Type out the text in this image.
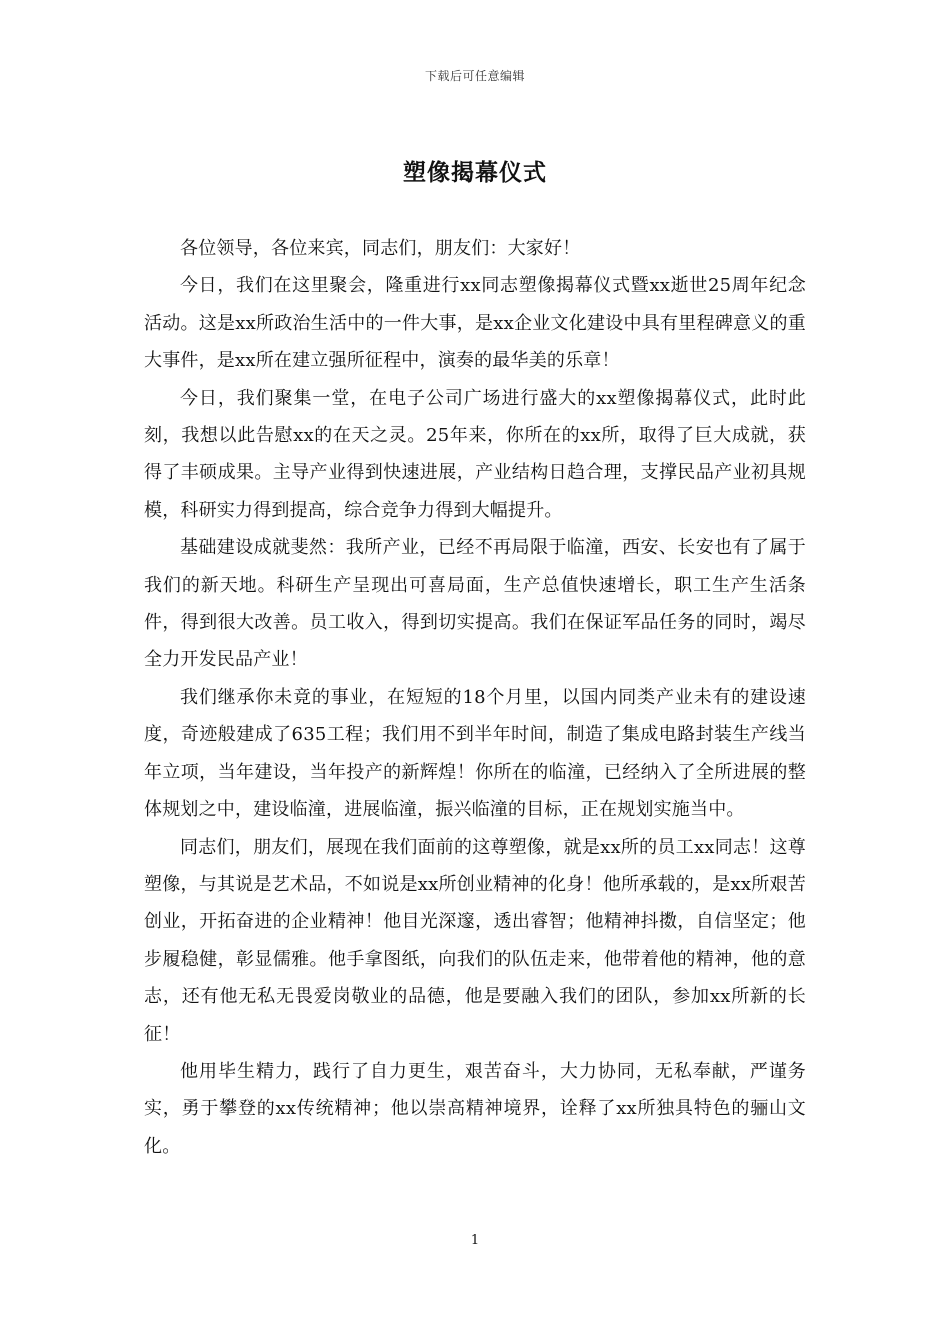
下载后可任意编辑
塑像揭幕仪式

各位领导，各位来宾，同志们，朋友们：大家好！

今日，我们在这里聚会，隆重进行xx同志塑像揭幕仪式暨xx逝世25周年纪念活动。这是xx所政治生活中的一件大事，是xx企业文化建设中具有里程碑意义的重大事件，是xx所在建立强所征程中，演奏的最华美的乐章！

今日，我们聚集一堂，在电子公司广场进行盛大的xx塑像揭幕仪式，此时此刻，我想以此告慰xx的在天之灵。25年来，你所在的xx所，取得了巨大成就，获得了丰硕成果。主导产业得到快速进展，产业结构日趋合理，支撑民品产业初具规模，科研实力得到提高，综合竞争力得到大幅提升。

基础建设成就斐然：我所产业，已经不再局限于临潼，西安、长安也有了属于我们的新天地。科研生产呈现出可喜局面，生产总值快速增长，职工生产生活条件，得到很大改善。员工收入，得到切实提高。我们在保证军品任务的同时，竭尽全力开发民品产业！

我们继承你未竟的事业，在短短的18个月里，以国内同类产业未有的建设速度，奇迹般建成了635工程；我们用不到半年时间，制造了集成电路封装生产线当年立项，当年建设，当年投产的新辉煌！你所在的临潼，已经纳入了全所进展的整体规划之中，建设临潼，进展临潼，振兴临潼的目标，正在规划实施当中。

同志们，朋友们，展现在我们面前的这尊塑像，就是xx所的员工xx同志！这尊塑像，与其说是艺术品，不如说是xx所创业精神的化身！他所承载的，是xx所艰苦创业，开拓奋进的企业精神！他目光深邃，透出睿智；他精神抖擞，自信坚定；他步履稳健，彰显儒雅。他手拿图纸，向我们的队伍走来，他带着他的精神，他的意志，还有他无私无畏爱岗敬业的品德，他是要融入我们的团队，参加xx所新的长征！

他用毕生精力，践行了自力更生，艰苦奋斗，大力协同，无私奉献，严谨务实，勇于攀登的xx传统精神；他以崇高精神境界，诠释了xx所独具特色的骊山文化。

1
